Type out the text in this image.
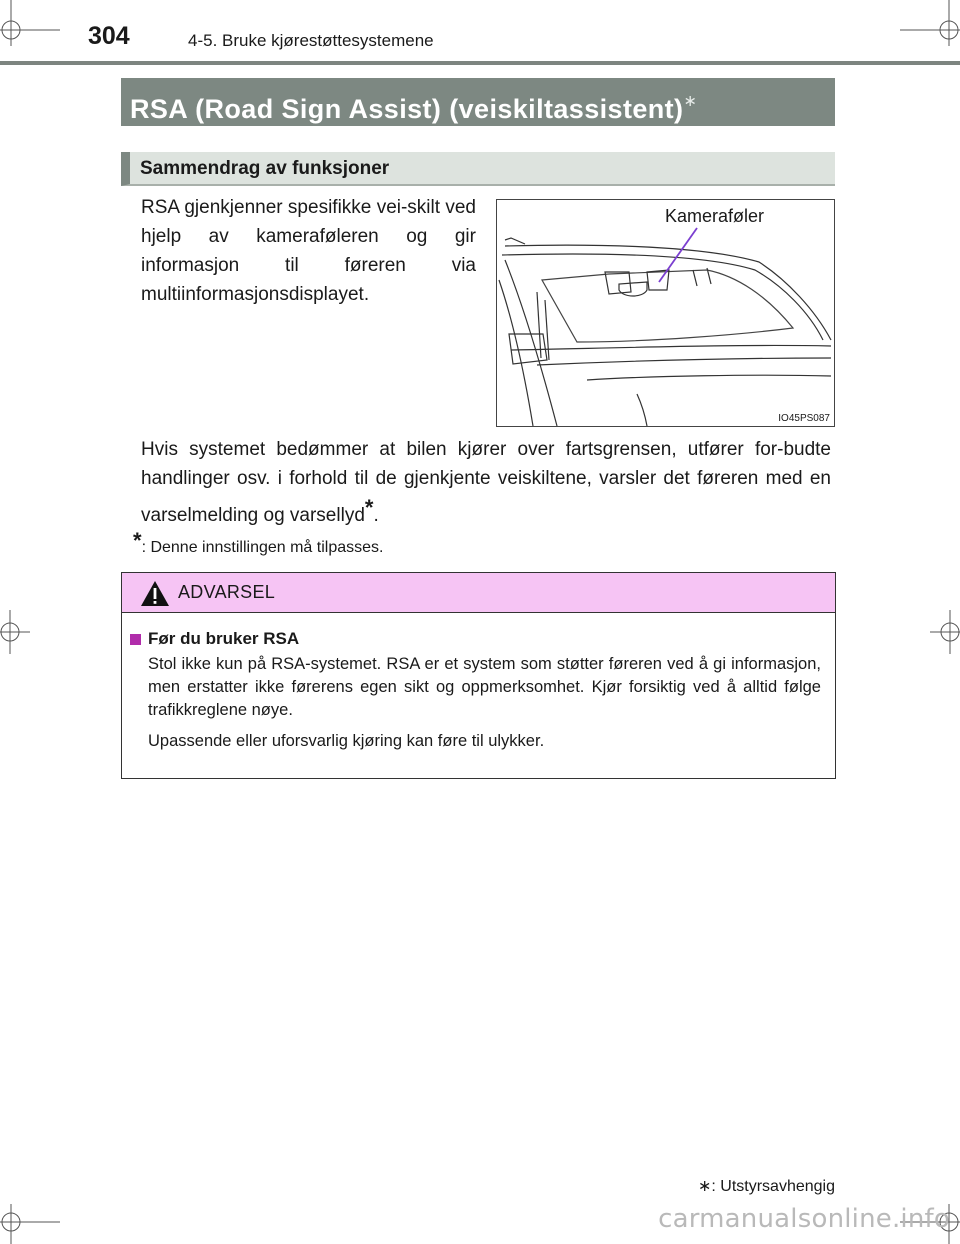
304	4-5. Bruke kjørestøttesystemene
RSA (Road Sign Assist) (veiskiltassistent)∗
Sammendrag av funksjoner

RSA gjenkjenner spesifikke vei-skilt ved hjelp av kameraføleren og gir informasjon til føreren via multiinformasjonsdisplayet.

Kameraføler
IO45PS087

Hvis systemet bedømmer at bilen kjører over fartsgrensen, utfører for-budte handlinger osv. i forhold til de gjenkjente veiskiltene, varsler det føreren med en varselmelding og varsellyd*.

*: Denne innstillingen må tilpasses.
ADVARSEL

Før du bruker RSA

Stol ikke kun på RSA-systemet. RSA er et system som støtter føreren ved å gi informasjon, men erstatter ikke førerens egen sikt og oppmerksomhet. Kjør forsiktig ved å alltid følge trafikkreglene nøye.

Upassende eller uforsvarlig kjøring kan føre til ulykker.

∗: Utstyrsavhengig
carmanualsonline.info
